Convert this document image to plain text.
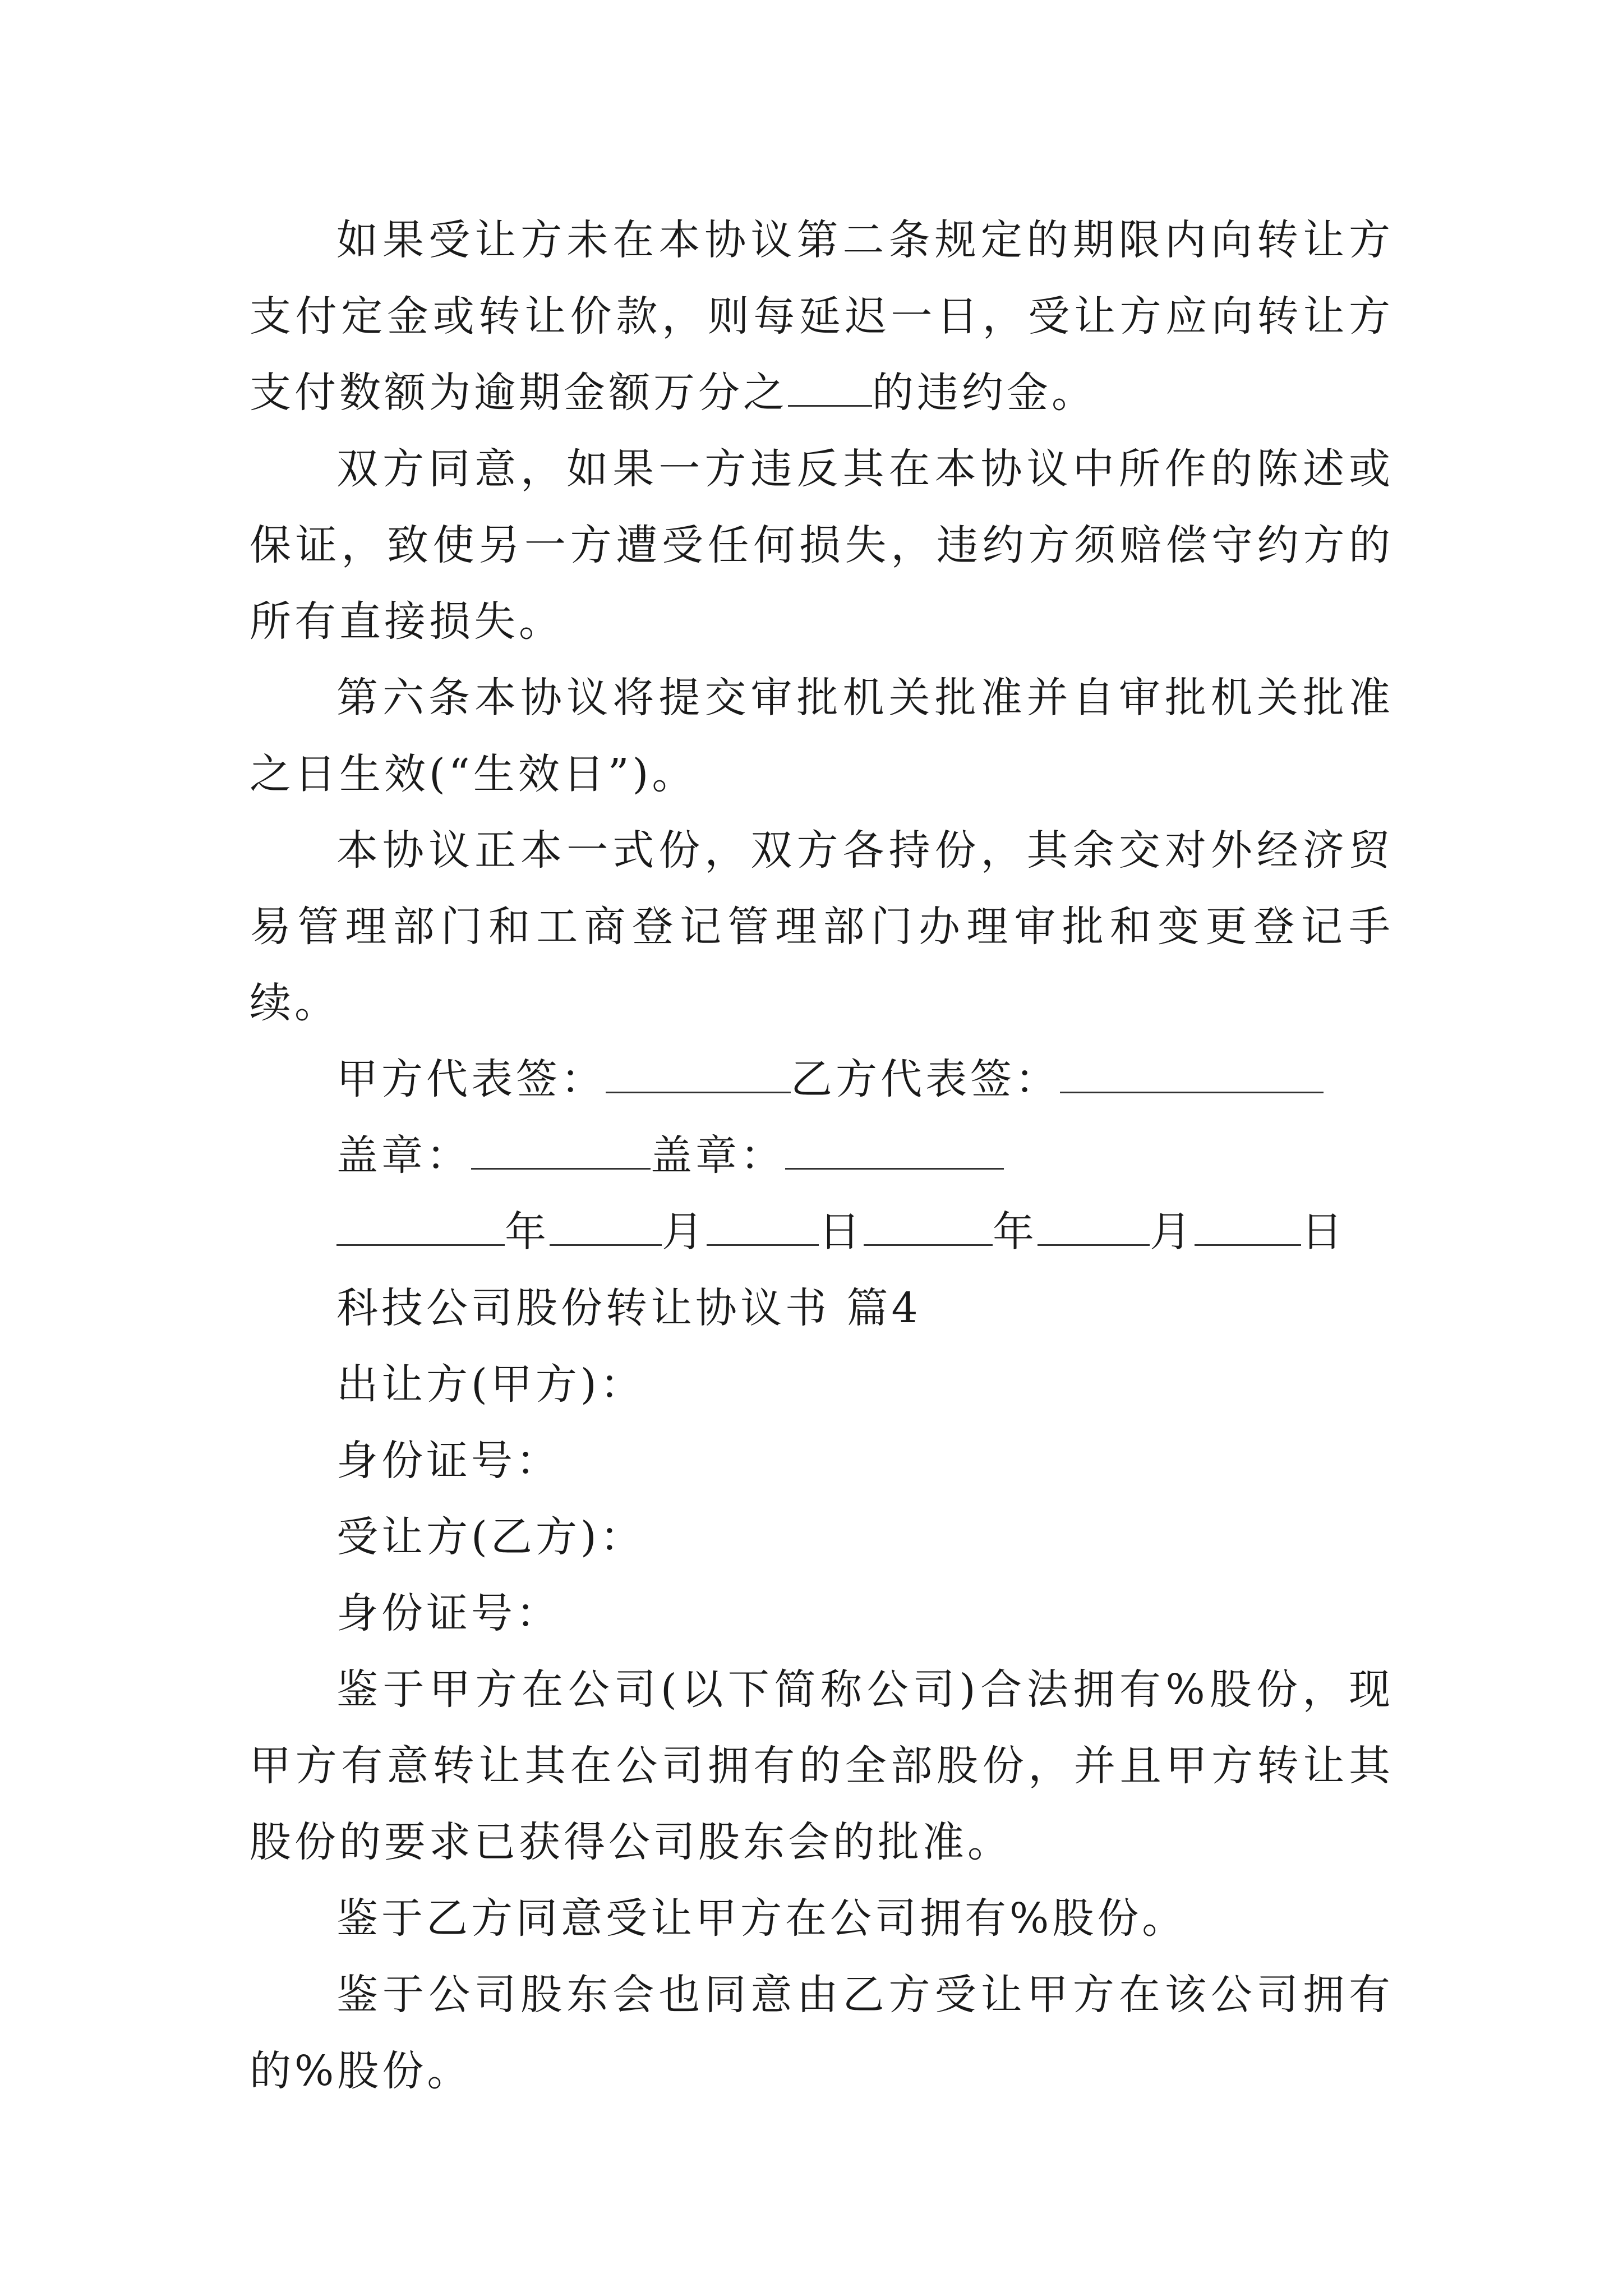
如果受让方未在本协议第二条规定的期限内向转让方支付定金或转让价款，则每延迟一日，受让方应向转让方支付数额为逾期金额万分之 的违约金。

双方同意，如果一方违反其在本协议中所作的陈述或保证，致使另一方遭受任何损失，违约方须赔偿守约方的所有直接损失。

第六条本协议将提交审批机关批准并自审批机关批准之日生效(“生效日”)。

本协议正本一式份，双方各持份，其余交对外经济贸易管理部门和工商登记管理部门办理审批和变更登记手续。

甲方代表签：	乙方代表签：

盖章：	盖章：

年	月	日	年	月	日

科技公司股份转让协议书 篇4

出让方(甲方)：

身份证号：

受让方(乙方)：

身份证号：

鉴于甲方在公司(以下简称公司)合法拥有%股份，现甲方有意转让其在公司拥有的全部股份，并且甲方转让其股份的要求已获得公司股东会的批准。

鉴于乙方同意受让甲方在公司拥有%股份。

鉴于公司股东会也同意由乙方受让甲方在该公司拥有的%股份。
